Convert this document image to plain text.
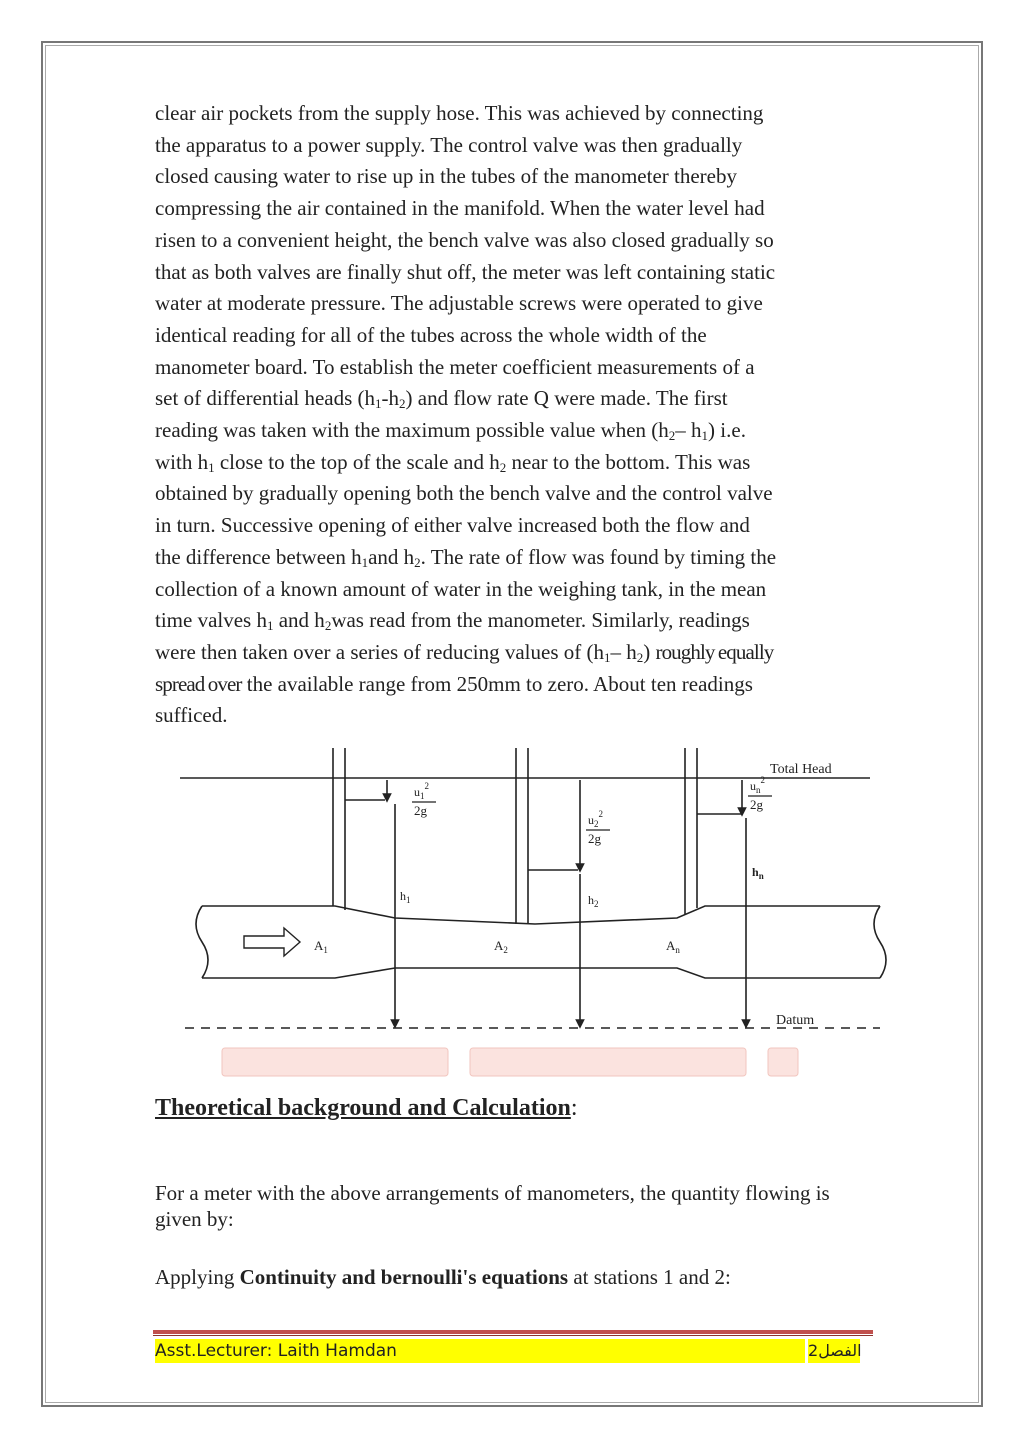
clear air pockets from the supply hose. This was achieved by connecting
the apparatus to a power supply. The control valve was then gradually
closed causing water to rise up in the tubes of the manometer thereby
compressing the air contained in the manifold. When the water level had
risen to a convenient height, the bench valve was also closed gradually so
that as both valves are finally shut off, the meter was left containing static
water at moderate pressure. The adjustable screws were operated to give
identical reading for all of the tubes across the whole width of the
manometer board. To establish the meter coefficient measurements of a
set of differential heads $(h_1-h_2)$ and flow rate Q were made. The first
reading was taken with the maximum possible value when ($h_2-$ $h_1$) i.e.
with $h_1$ close to the top of the scale and $h_2$ near to the bottom. This was
obtained by gradually opening both the bench valve and the control valve
in turn. Successive opening of either valve increased both the flow and
the difference between $h_1and$ $h_2$. The rate of flow was found by timing the
collection of a known amount of water in the weighing tank, in the mean
time valves $h_1$ and $h_2was$ read from the manometer. Similarly, readings
were then taken over a series of reducing values of ($h_1-$ $h_2$) roughly equally
spread over the available range from 250mm to zero. About ten readings
sufficed.
Total Head
Datum
$u_1^2$
2g
$u_2^2$
2g
$u_n^2$
2g
$h_1$	$h_2$
$h_n$
$A_1$	$A_2$	$A_n$
Theoretical background and Calculation:
For a meter with the above arrangements of manometers, the quantity flowing is given by:
Applying Continuity and bernoulli's equations at stations 1 and 2:
Asst.Lecturer: Laith Hamdan	2الفصل
